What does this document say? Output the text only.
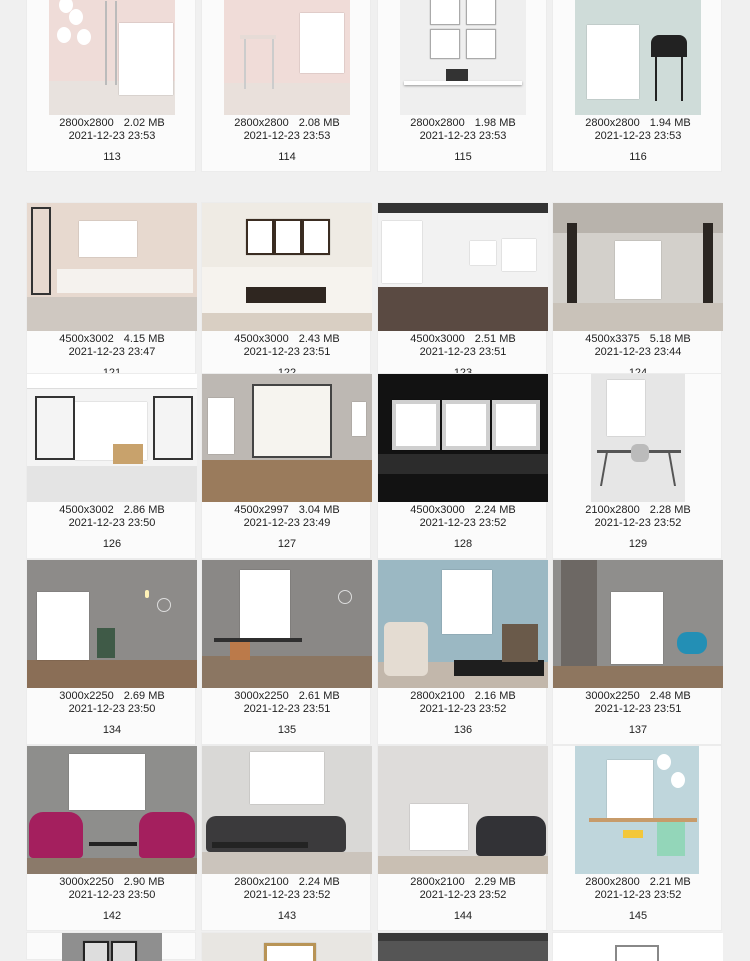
2800x2800 2.02 MB
2021-12-23 23:53
113
2800x2800 2.08 MB
2021-12-23 23:53
114
2800x2800 1.98 MB
2021-12-23 23:53
115
2800x2800 1.94 MB
2021-12-23 23:53
116
4500x3002 4.15 MB
2021-12-23 23:47
4500x3000 2.43 MB
2021-12-23 23:51
4500x3000 2.51 MB
2021-12-23 23:51
4500x3375 5.18 MB
2021-12-23 23:44
4500x3002 2.86 MB
2021-12-23 23:50
126
4500x2997 3.04 MB
2021-12-23 23:49
127
4500x3000 2.24 MB
2021-12-23 23:52
128
2100x2800 2.28 MB
2021-12-23 23:52
129
3000x2250 2.69 MB
2021-12-23 23:50
134
3000x2250 2.61 MB
2021-12-23 23:51
135
2800x2100 2.16 MB
2021-12-23 23:52
136
3000x2250 2.48 MB
2021-12-23 23:51
137
3000x2250 2.90 MB
2021-12-23 23:50
142
2800x2100 2.24 MB
2021-12-23 23:52
143
2800x2100 2.29 MB
2021-12-23 23:52
144
2800x2800 2.21 MB
2021-12-23 23:52
145
